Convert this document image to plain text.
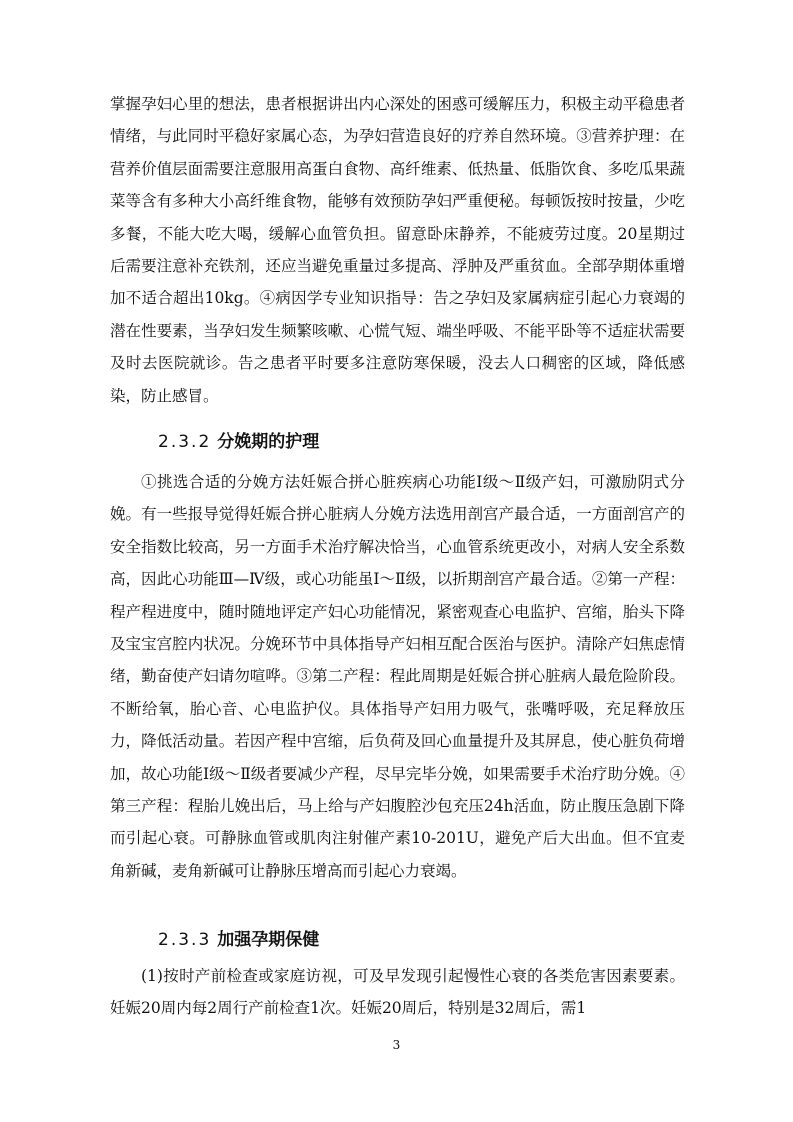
掌握孕妇心里的想法，患者根据讲出内心深处的困惑可缓解压力，积极主动平稳患者情绪，与此同时平稳好家属心态，为孕妇营造良好的疗养自然环境。③营养护理：在营养价值层面需要注意服用高蛋白食物、高纤维素、低热量、低脂饮食、多吃瓜果蔬菜等含有多种大小高纤维食物，能够有效预防孕妇严重便秘。每顿饭按时按量，少吃多餐，不能大吃大喝，缓解心血管负担。留意卧床静养，不能疲劳过度。20星期过后需要注意补充铁剂，还应当避免重量过多提高、浮肿及严重贫血。全部孕期体重增加不适合超出10kg。④病因学专业知识指导：告之孕妇及家属病症引起心力衰竭的潜在性要素，当孕妇发生频繁咳嗽、心慌气短、端坐呼吸、不能平卧等不适症状需要及时去医院就诊。告之患者平时要多注意防寒保暖，没去人口稠密的区域，降低感染，防止感冒。

2.3.2 分娩期的护理

①挑选合适的分娩方法妊娠合拼心脏疾病心功能Ⅰ级～Ⅱ级产妇，可激励阴式分娩。有一些报导觉得妊娠合拼心脏病人分娩方法选用剖宫产最合适，一方面剖宫产的安全指数比较高，另一方面手术治疗解决恰当，心血管系统更改小，对病人安全系数高，因此心功能Ⅲ—Ⅳ级，或心功能虽Ⅰ～Ⅱ级，以折期剖宫产最合适。②第一产程：程产程进度中，随时随地评定产妇心功能情况，紧密观查心电监护、宫缩，胎头下降及宝宝宫腔内状况。分娩环节中具体指导产妇相互配合医治与医护。清除产妇焦虑情绪，勤奋使产妇请勿喧哗。③第二产程：程此周期是妊娠合拼心脏病人最危险阶段。不断给氧，胎心音、心电监护仪。具体指导产妇用力吸气，张嘴呼吸，充足释放压力，降低活动量。若因产程中宫缩，后负荷及回心血量提升及其屏息，使心脏负荷增加，故心功能Ⅰ级～Ⅱ级者要减少产程，尽早完毕分娩，如果需要手术治疗助分娩。④第三产程：程胎儿娩出后，马上给与产妇腹腔沙包充压24h活血，防止腹压急剧下降而引起心衰。可静脉血管或肌肉注射催产素10-201U，避免产后大出血。但不宜麦角新碱，麦角新碱可让静脉压增高而引起心力衰竭。

2.3.3 加强孕期保健

(1)按时产前检查或家庭访视，可及早发现引起慢性心衰的各类危害因素要素。妊娠20周内每2周行产前检查1次。妊娠20周后，特别是32周后，需1

3
